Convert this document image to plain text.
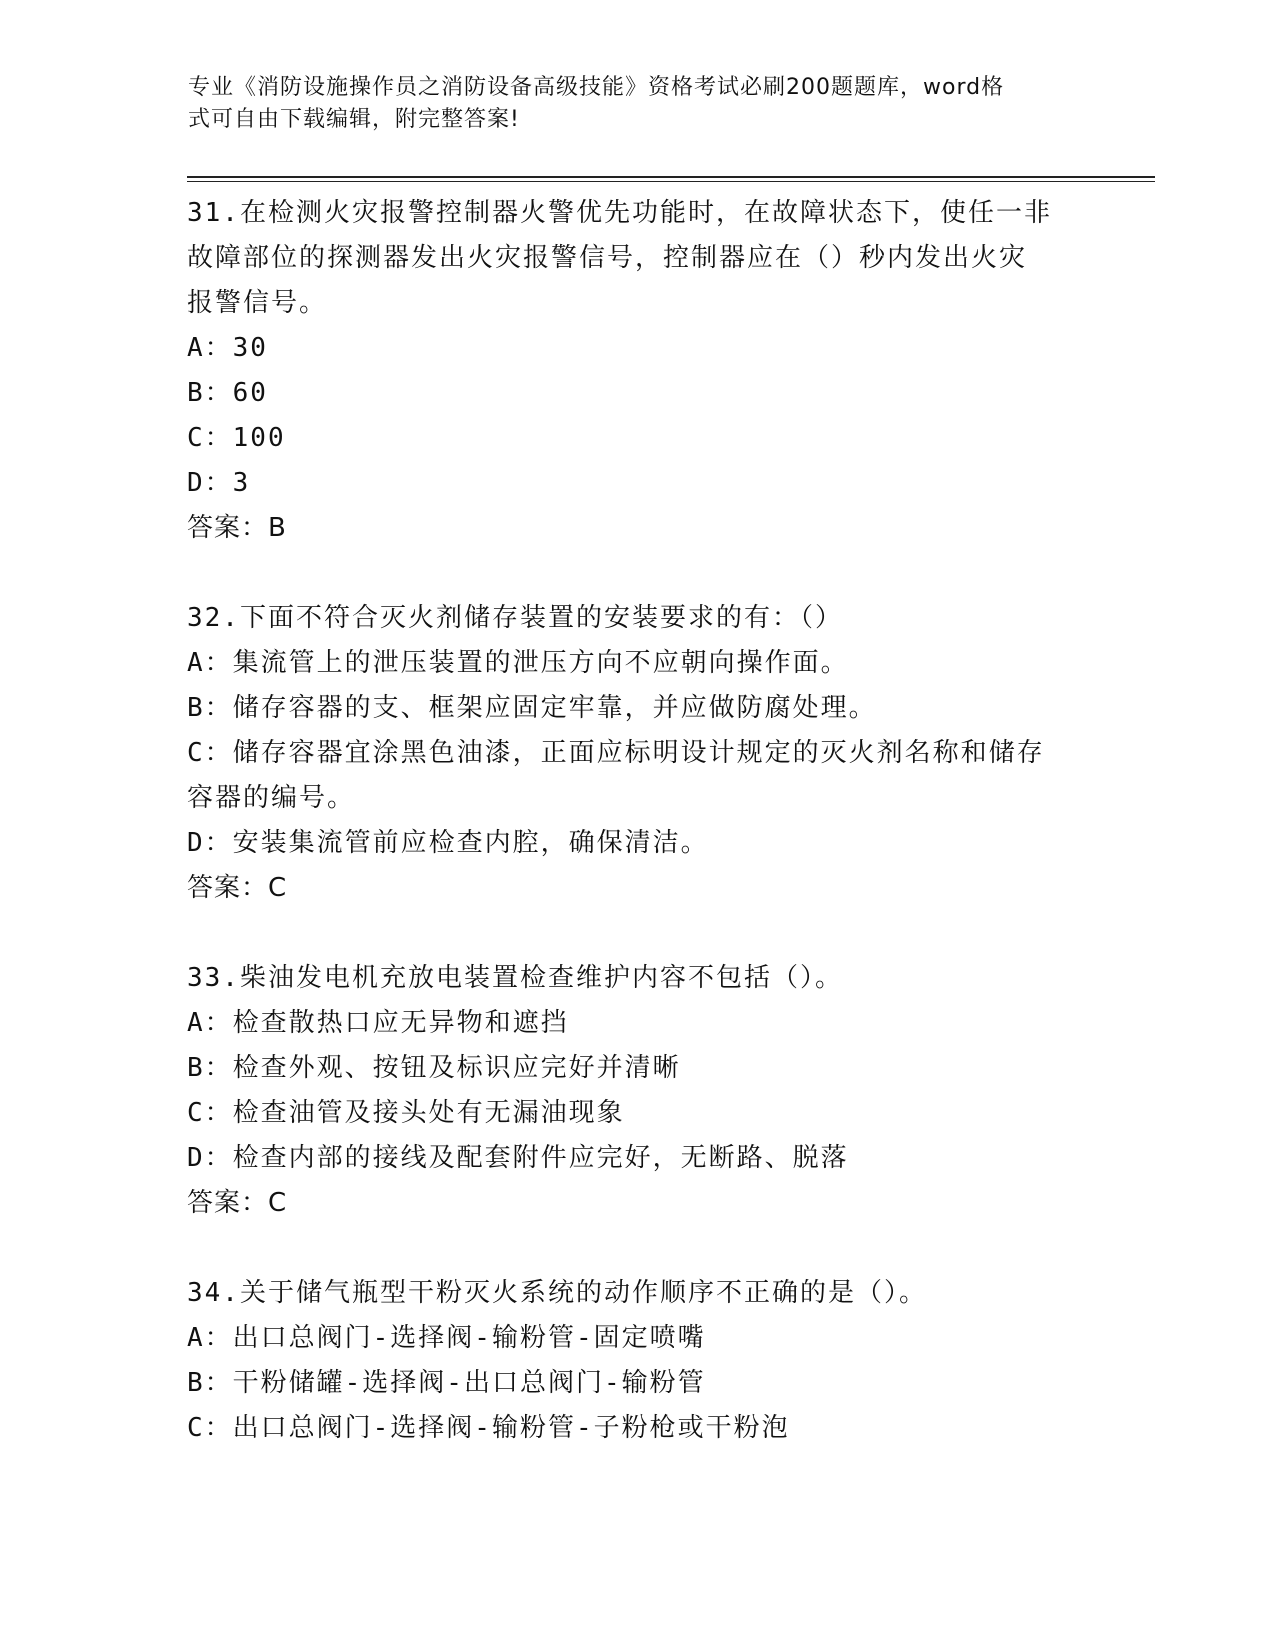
专业《消防设施操作员之消防设备高级技能》资格考试必刷200题题库，word格
式可自由下载编辑，附完整答案!
31.在检测火灾报警控制器火警优先功能时，在故障状态下，使任一非
故障部位的探测器发出火灾报警信号，控制器应在（）秒内发出火灾
报警信号。
A：30
B：60
C：100
D：3
答案：B
32.下面不符合灭火剂储存装置的安装要求的有：（）
A：集流管上的泄压装置的泄压方向不应朝向操作面。
B：储存容器的支、框架应固定牢靠，并应做防腐处理。
C：储存容器宜涂黑色油漆，正面应标明设计规定的灭火剂名称和储存
容器的编号。
D：安装集流管前应检查内腔，确保清洁。
答案：C
33.柴油发电机充放电装置检查维护内容不包括（）。
A：检查散热口应无异物和遮挡
B：检查外观、按钮及标识应完好并清晰
C：检查油管及接头处有无漏油现象
D：检查内部的接线及配套附件应完好，无断路、脱落
答案：C
34.关于储气瓶型干粉灭火系统的动作顺序不正确的是（）。
A：出口总阀门-选择阀-输粉管-固定喷嘴
B：干粉储罐-选择阀-出口总阀门-输粉管
C：出口总阀门-选择阀-输粉管-子粉枪或干粉泡
